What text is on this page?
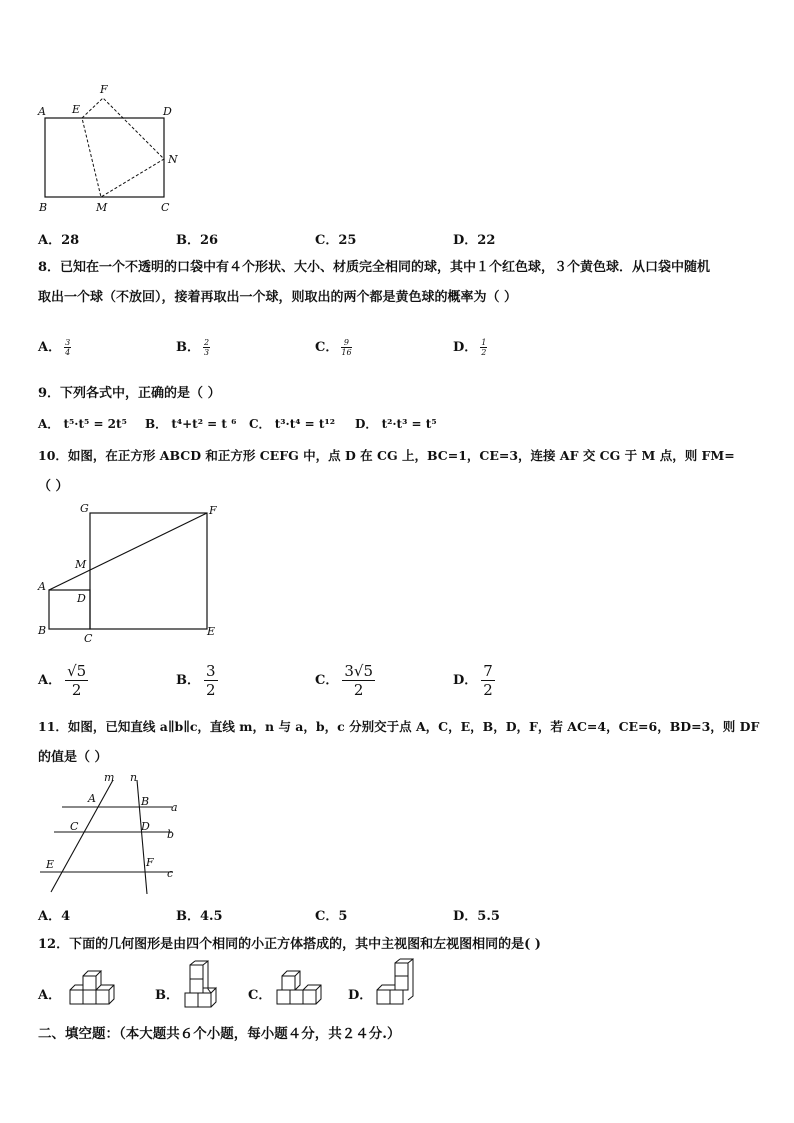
A E
F
D
N
B	M	C
A．28	B．26	C．25	D．22
8．已知在一个不透明的口袋中有４个形状、大小、材质完全相同的球，其中１个红色球，３个黄色球．从口袋中随机
取出一个球（不放回），接着再取出一个球，则取出的两个都是黄色球的概率为（ ）
A． $\frac{3}{4}$	B． $\frac{2}{3}$	C． $\frac{9}{16}$	D． $\frac{1}{2}$
9．下列各式中，正确的是（ ）
A． t⁵·t⁵ = 2t⁵ B． t⁴+t² = t ⁶ C． t³·t⁴ = t¹² D． t²·t³ = t⁵
10．如图，在正方形 ABCD 和正方形 CEFG 中，点 D 在 CG 上，BC=1，CE=3，连接 AF 交 CG 于 M 点，则 FM=
（ ）
G	F
M
A
D
B
C
E
A． $\frac{√5}{2}$	B． $\frac{3}{2}$	C． $\frac{3√5}{2}$	D． $\frac{7}{2}$
11．如图，已知直线 a∥b∥c，直线 m，n 与 a，b，c 分别交于点 A，C，E，B，D，F，若 AC=4，CE=6，BD=3，则 DF
的值是（ ）
m n
A	B a
C	D
b
E	F
c
A．4	B．4.5	C．5	D．5.5
12．下面的几何图形是由四个相同的小正方体搭成的，其中主视图和左视图相同的是( )
A．	B．	C．	D．
二、填空题：（本大题共６个小题，每小题４分，共２４分.）
